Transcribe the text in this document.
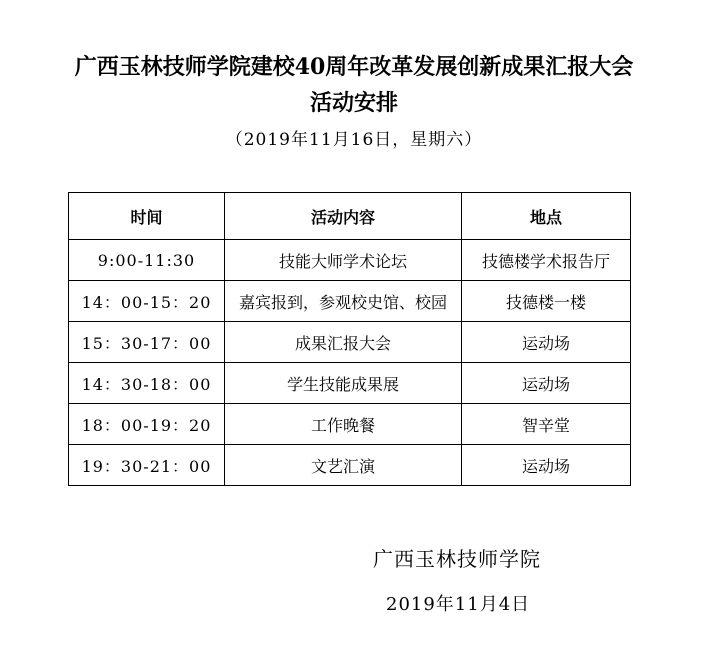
广西玉林技师学院建校40周年改革发展创新成果汇报大会
活动安排
（2019年11月16日，星期六）
时间	活动内容	地点
9:00-11:30	技能大师学术论坛	技德楼学术报告厅
14：00-15：20	嘉宾报到，参观校史馆、校园	技德楼一楼
15：30-17：00	成果汇报大会	运动场
14：30-18：00	学生技能成果展	运动场
18：00-19：20	工作晚餐	智辛堂
19：30-21：00	文艺汇演	运动场
广西玉林技师学院
2019年11月4日
